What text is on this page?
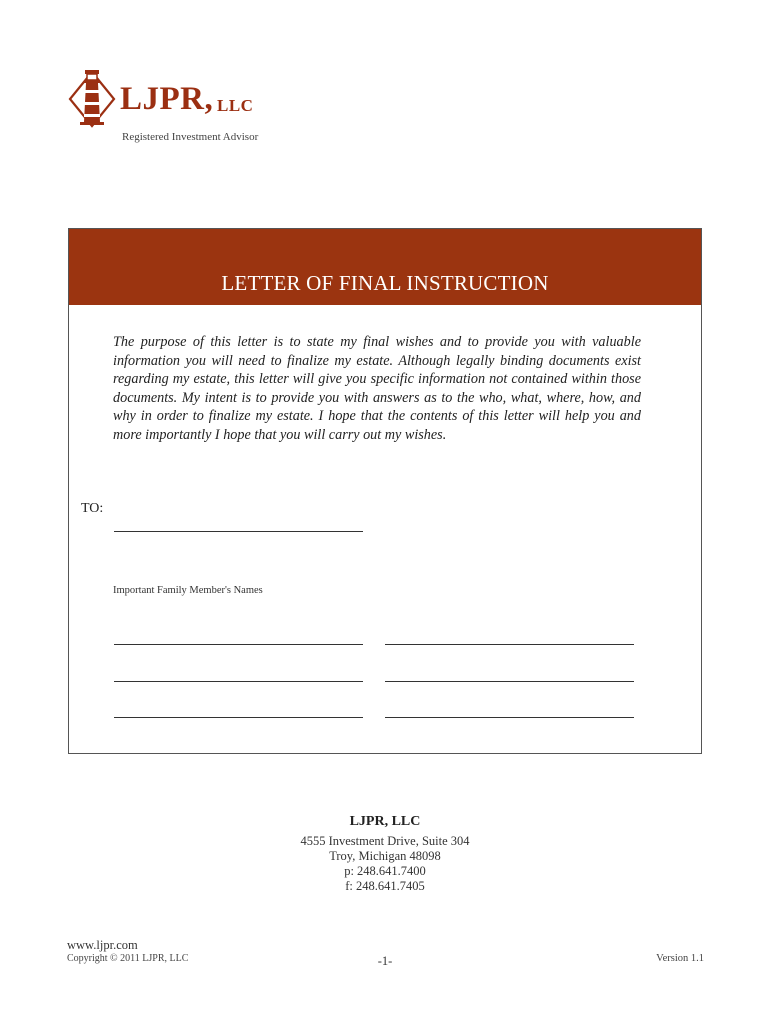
LJPR, LLC
Registered Investment Advisor
LETTER OF FINAL INSTRUCTION
The purpose of this letter is to state my final wishes and to provide you with valuable information you will need to finalize my estate. Although legally binding documents exist regarding my estate, this letter will give you specific information not contained within those documents. My intent is to provide you with answers as to the who, what, where, how, and why in order to finalize my estate. I hope that the contents of this letter will help you and more importantly I hope that you will carry out my wishes.
TO:
Important Family Member's Names
LJPR, LLC
4555 Investment Drive, Suite 304
Troy, Michigan 48098
p: 248.641.7400
f: 248.641.7405
www.ljpr.com
Copyright © 2011 LJPR, LLC	-1-	Version 1.1
